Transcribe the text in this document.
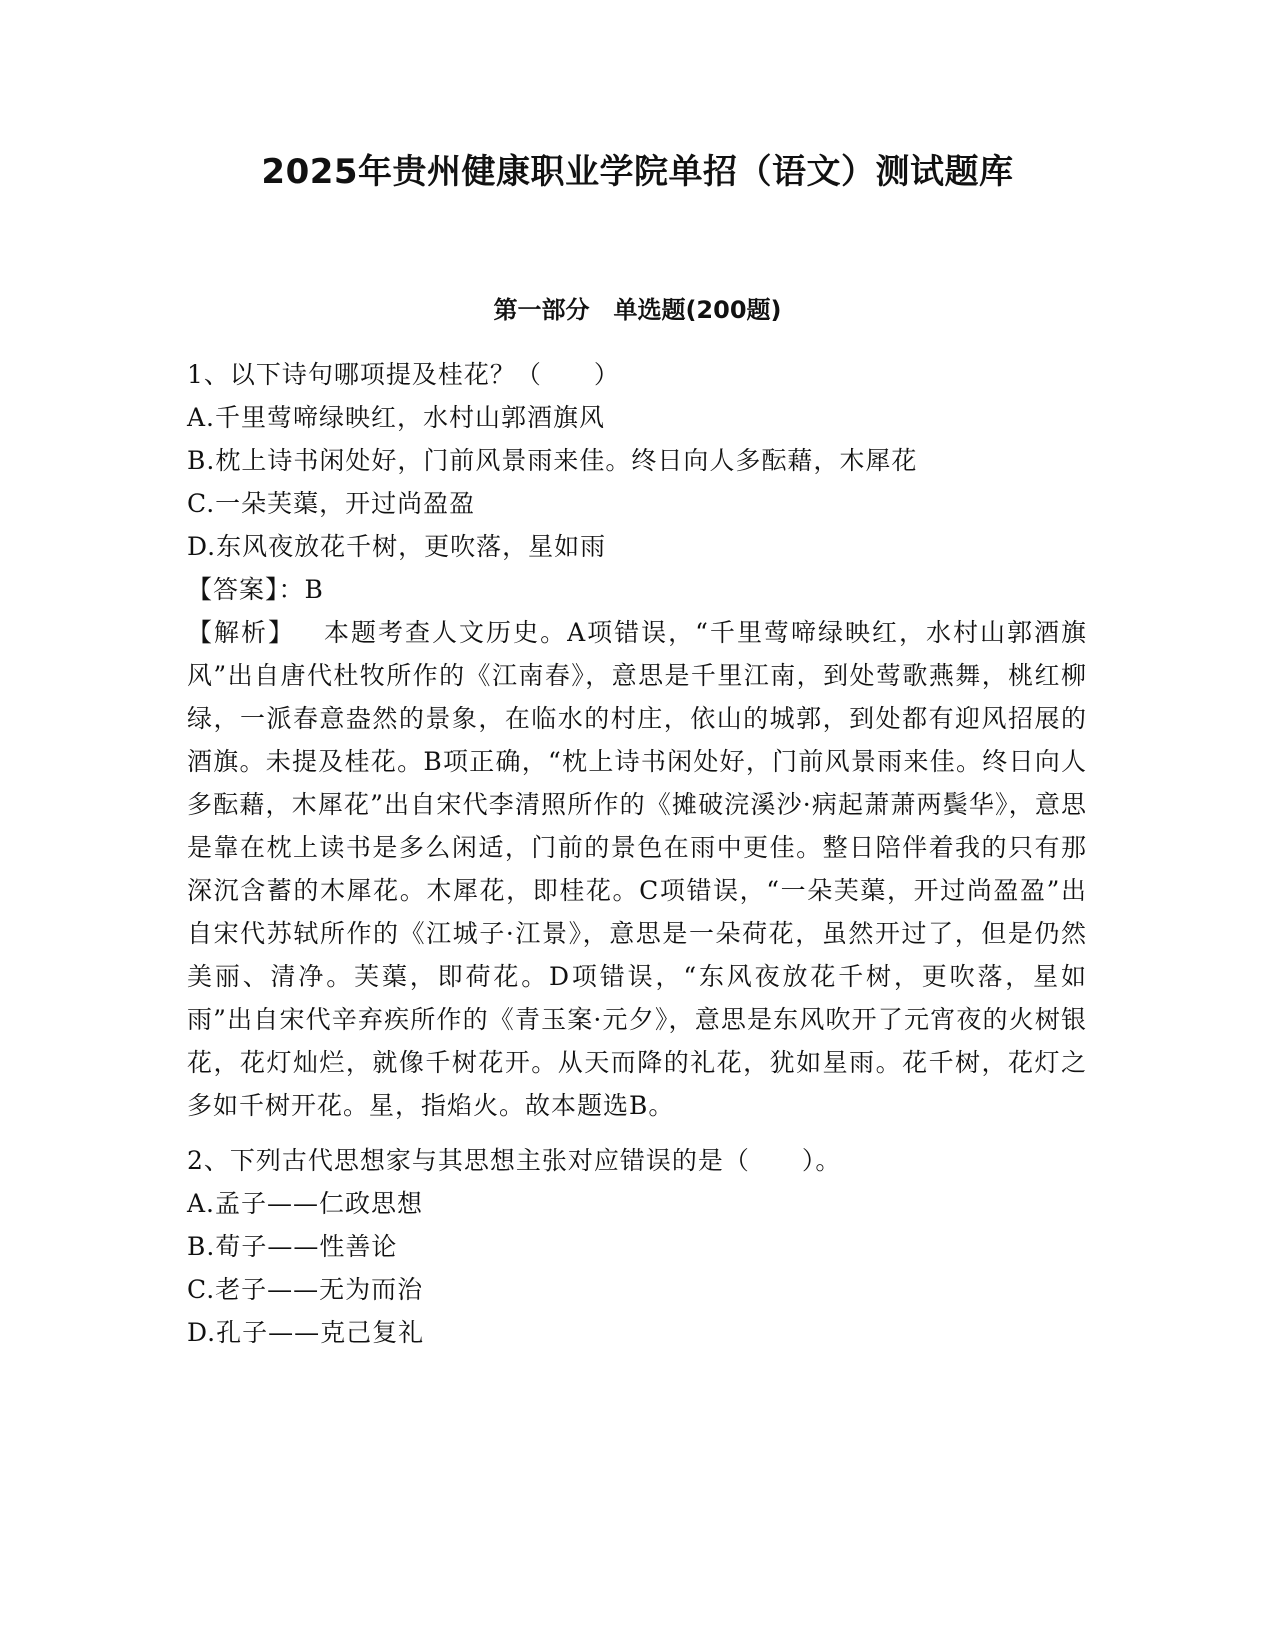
2025年贵州健康职业学院单招（语文）测试题库
第一部分　单选题(200题)
1、以下诗句哪项提及桂花？（　　）
A.千里莺啼绿映红，水村山郭酒旗风
B.枕上诗书闲处好，门前风景雨来佳。终日向人多酝藉，木犀花
C.一朵芙蕖，开过尚盈盈
D.东风夜放花千树，更吹落，星如雨
【答案】：B
【解析】 本题考查人文历史。A项错误，“千里莺啼绿映红，水村山郭酒旗风”出自唐代杜牧所作的《江南春》，意思是千里江南，到处莺歌燕舞，桃红柳绿，一派春意盎然的景象，在临水的村庄，依山的城郭，到处都有迎风招展的酒旗。未提及桂花。B项正确，“枕上诗书闲处好，门前风景雨来佳。终日向人多酝藉，木犀花”出自宋代李清照所作的《摊破浣溪沙·病起萧萧两鬓华》，意思是靠在枕上读书是多么闲适，门前的景色在雨中更佳。整日陪伴着我的只有那深沉含蓄的木犀花。木犀花，即桂花。C项错误，“一朵芙蕖，开过尚盈盈”出自宋代苏轼所作的《江城子·江景》，意思是一朵荷花，虽然开过了，但是仍然美丽、清净。芙蕖，即荷花。D项错误，“东风夜放花千树，更吹落，星如雨”出自宋代辛弃疾所作的《青玉案·元夕》，意思是东风吹开了元宵夜的火树银花，花灯灿烂，就像千树花开。从天而降的礼花，犹如星雨。花千树，花灯之多如千树开花。星，指焰火。故本题选B。
2、下列古代思想家与其思想主张对应错误的是（　　）。
A.孟子——仁政思想
B.荀子——性善论
C.老子——无为而治
D.孔子——克己复礼
